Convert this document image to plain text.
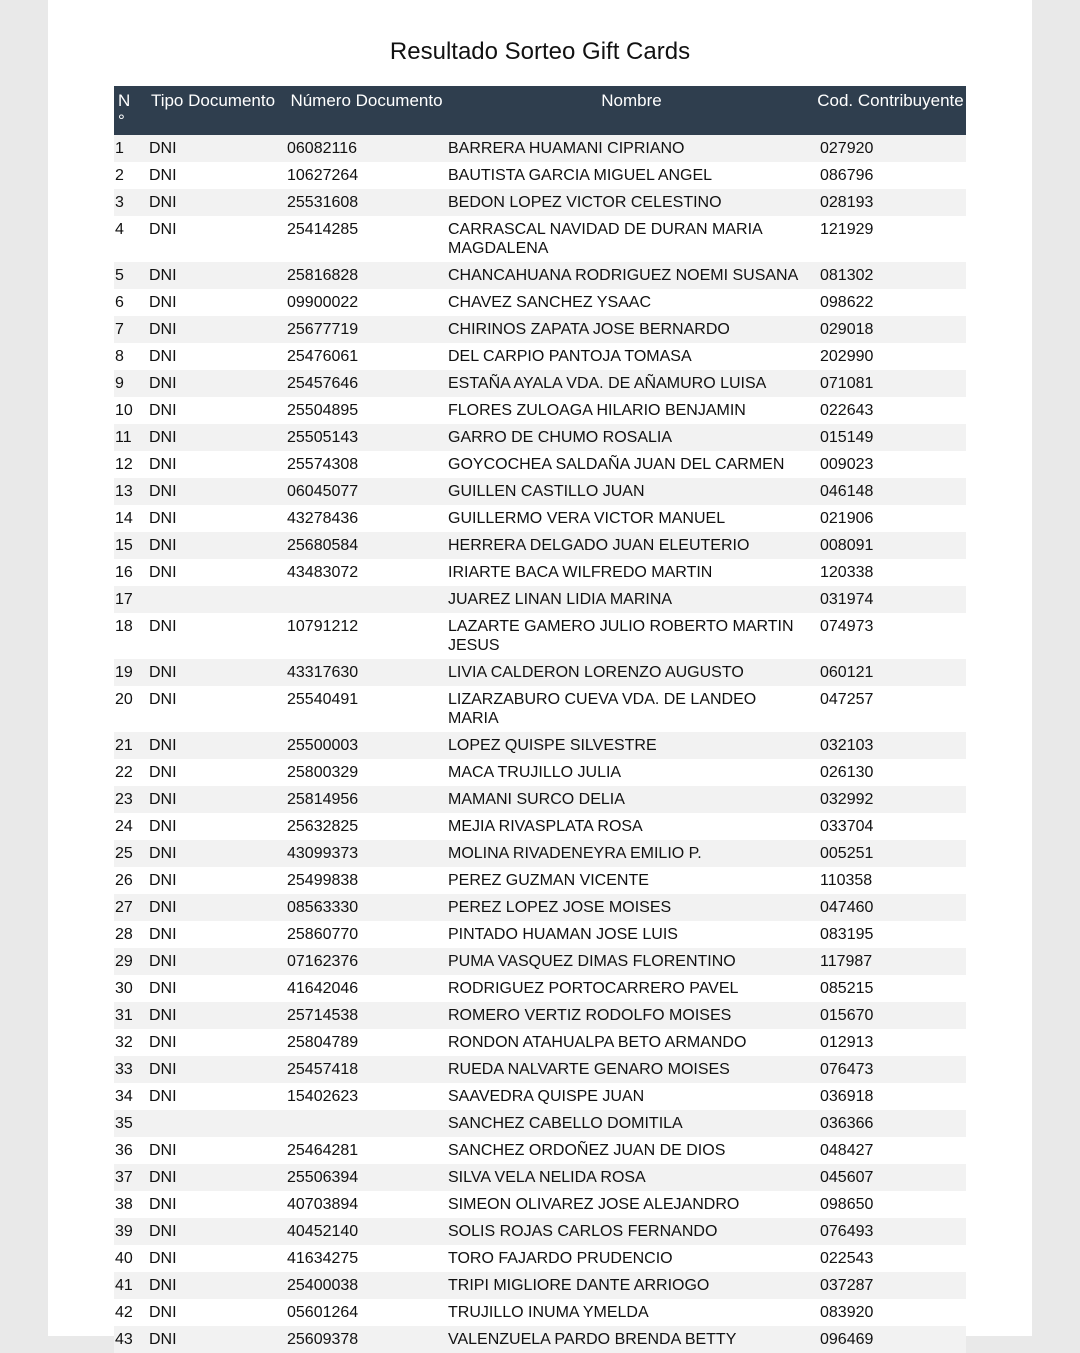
Resultado Sorteo Gift Cards
N °	Tipo Documento	Número Documento	Nombre	Cod. Contribuyente
1	DNI	06082116	BARRERA HUAMANI CIPRIANO	027920
2	DNI	10627264	BAUTISTA GARCIA MIGUEL ANGEL	086796
3	DNI	25531608	BEDON LOPEZ VICTOR CELESTINO	028193
4	DNI	25414285	CARRASCAL NAVIDAD DE DURAN MARIA MAGDALENA	121929
5	DNI	25816828	CHANCAHUANA RODRIGUEZ NOEMI SUSANA	081302
6	DNI	09900022	CHAVEZ SANCHEZ YSAAC	098622
7	DNI	25677719	CHIRINOS ZAPATA JOSE BERNARDO	029018
8	DNI	25476061	DEL CARPIO PANTOJA TOMASA	202990
9	DNI	25457646	ESTAÑA AYALA VDA. DE AÑAMURO LUISA	071081
10	DNI	25504895	FLORES ZULOAGA HILARIO BENJAMIN	022643
11	DNI	25505143	GARRO DE CHUMO ROSALIA	015149
12	DNI	25574308	GOYCOCHEA SALDAÑA JUAN DEL CARMEN	009023
13	DNI	06045077	GUILLEN CASTILLO JUAN	046148
14	DNI	43278436	GUILLERMO VERA VICTOR MANUEL	021906
15	DNI	25680584	HERRERA DELGADO JUAN ELEUTERIO	008091
16	DNI	43483072	IRIARTE BACA WILFREDO MARTIN	120338
17			JUAREZ LINAN LIDIA MARINA	031974
18	DNI	10791212	LAZARTE GAMERO JULIO ROBERTO MARTIN JESUS	074973
19	DNI	43317630	LIVIA CALDERON LORENZO AUGUSTO	060121
20	DNI	25540491	LIZARZABURO CUEVA VDA. DE LANDEO MARIA	047257
21	DNI	25500003	LOPEZ QUISPE SILVESTRE	032103
22	DNI	25800329	MACA TRUJILLO JULIA	026130
23	DNI	25814956	MAMANI SURCO DELIA	032992
24	DNI	25632825	MEJIA RIVASPLATA ROSA	033704
25	DNI	43099373	MOLINA RIVADENEYRA EMILIO P.	005251
26	DNI	25499838	PEREZ GUZMAN VICENTE	110358
27	DNI	08563330	PEREZ LOPEZ JOSE MOISES	047460
28	DNI	25860770	PINTADO HUAMAN JOSE LUIS	083195
29	DNI	07162376	PUMA VASQUEZ DIMAS FLORENTINO	117987
30	DNI	41642046	RODRIGUEZ PORTOCARRERO PAVEL	085215
31	DNI	25714538	ROMERO VERTIZ RODOLFO MOISES	015670
32	DNI	25804789	RONDON ATAHUALPA BETO ARMANDO	012913
33	DNI	25457418	RUEDA NALVARTE GENARO MOISES	076473
34	DNI	15402623	SAAVEDRA QUISPE JUAN	036918
35			SANCHEZ CABELLO DOMITILA	036366
36	DNI	25464281	SANCHEZ ORDOÑEZ JUAN DE DIOS	048427
37	DNI	25506394	SILVA VELA NELIDA ROSA	045607
38	DNI	40703894	SIMEON OLIVAREZ JOSE ALEJANDRO	098650
39	DNI	40452140	SOLIS ROJAS CARLOS FERNANDO	076493
40	DNI	41634275	TORO FAJARDO PRUDENCIO	022543
41	DNI	25400038	TRIPI MIGLIORE DANTE ARRIOGO	037287
42	DNI	05601264	TRUJILLO INUMA YMELDA	083920
43	DNI	25609378	VALENZUELA PARDO BRENDA BETTY	096469
